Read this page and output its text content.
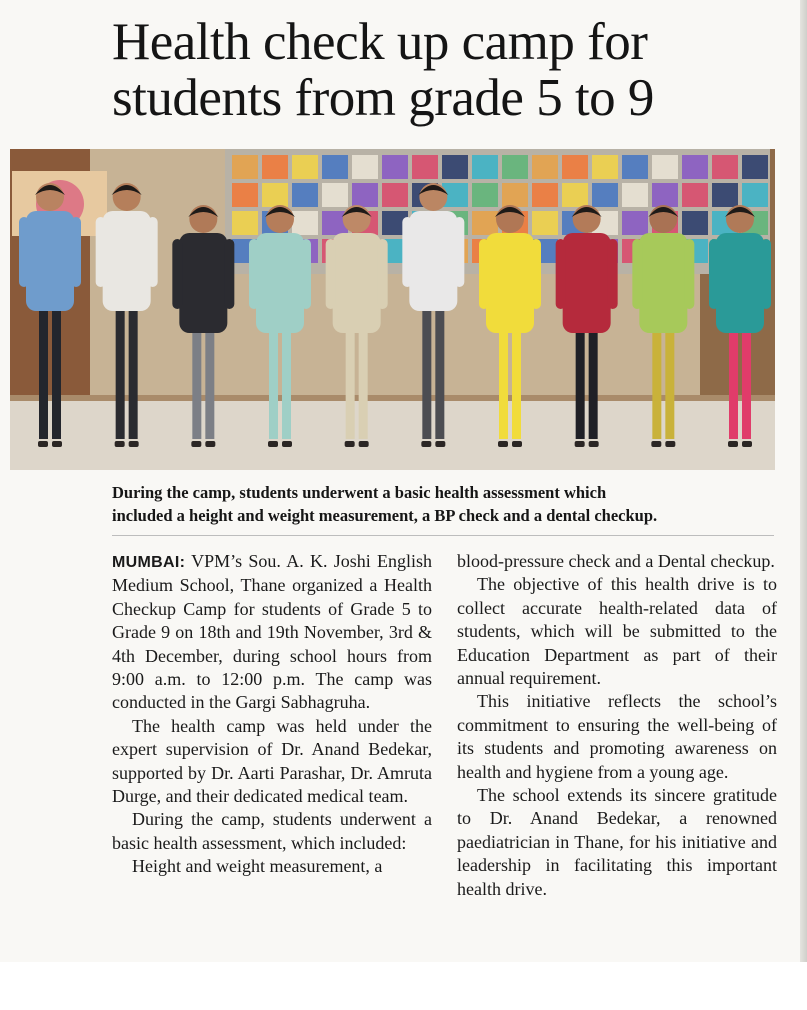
Health check up camp for
students from grade 5 to 9
During the camp, students underwent a basic health assessment which
included a height and weight measurement, a BP check and a dental checkup.

MUMBAI: VPM’s Sou. A. K. Joshi English Medium School, Thane organized a Health Checkup Camp for students of Grade 5 to Grade 9 on 18th and 19th November, 3rd & 4th December, during school hours from 9:00 a.m. to 12:00 p.m. The camp was conducted in the Gargi Sabhagruha.

The health camp was held under the expert supervision of Dr. Anand Bedekar, supported by Dr. Aarti Parashar, Dr. Amruta Durge, and their dedicated medical team.

During the camp, students underwent a basic health assessment, which included:

Height and weight measurement, a

blood-pressure check and a Dental checkup.

The objective of this health drive is to collect accurate health-related data of students, which will be submitted to the Education Department as part of their annual requirement.

This initiative reflects the school’s commitment to ensuring the well-being of its students and promoting awareness on health and hygiene from a young age.

The school extends its sincere gratitude to Dr. Anand Bedekar, a renowned paediatrician in Thane, for his initiative and leadership in facilitating this important health drive.
